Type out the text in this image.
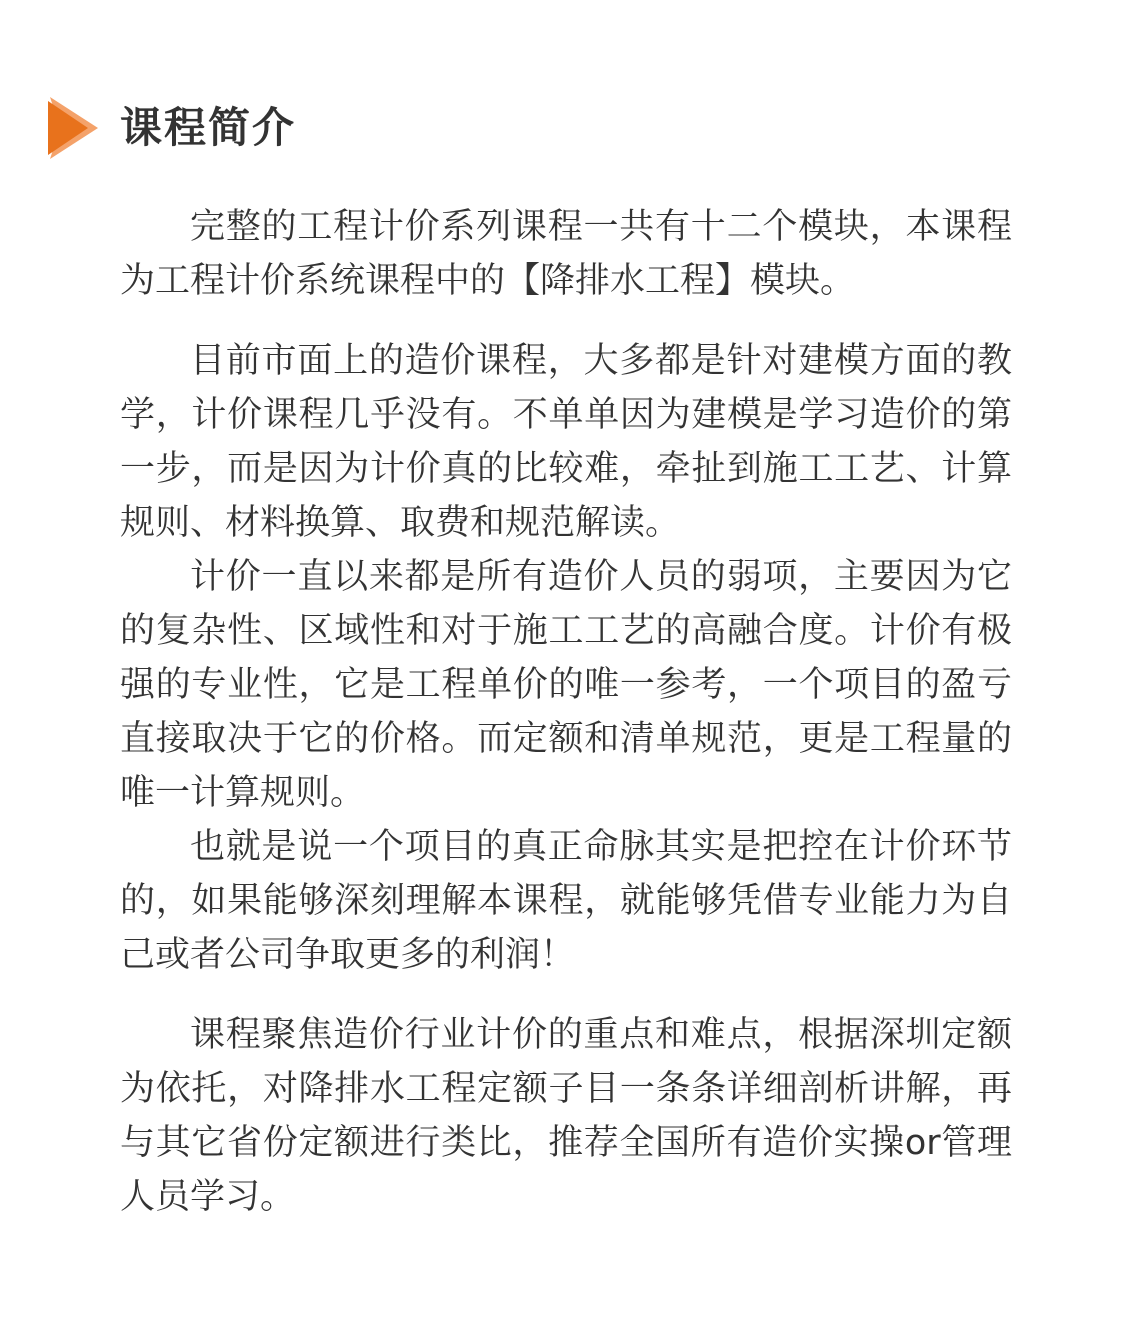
课程简介

完整的工程计价系列课程一共有十二个模块，本课程为工程计价系统课程中的【降排水工程】模块。

目前市面上的造价课程，大多都是针对建模方面的教学，计价课程几乎没有。不单单因为建模是学习造价的第一步，而是因为计价真的比较难，牵扯到施工工艺、计算规则、材料换算、取费和规范解读。

计价一直以来都是所有造价人员的弱项，主要因为它的复杂性、区域性和对于施工工艺的高融合度。计价有极强的专业性，它是工程单价的唯一参考，一个项目的盈亏直接取决于它的价格。而定额和清单规范，更是工程量的唯一计算规则。

也就是说一个项目的真正命脉其实是把控在计价环节的，如果能够深刻理解本课程，就能够凭借专业能力为自己或者公司争取更多的利润！

课程聚焦造价行业计价的重点和难点，根据深圳定额为依托，对降排水工程定额子目一条条详细剖析讲解，再与其它省份定额进行类比，推荐全国所有造价实操or管理人员学习。
